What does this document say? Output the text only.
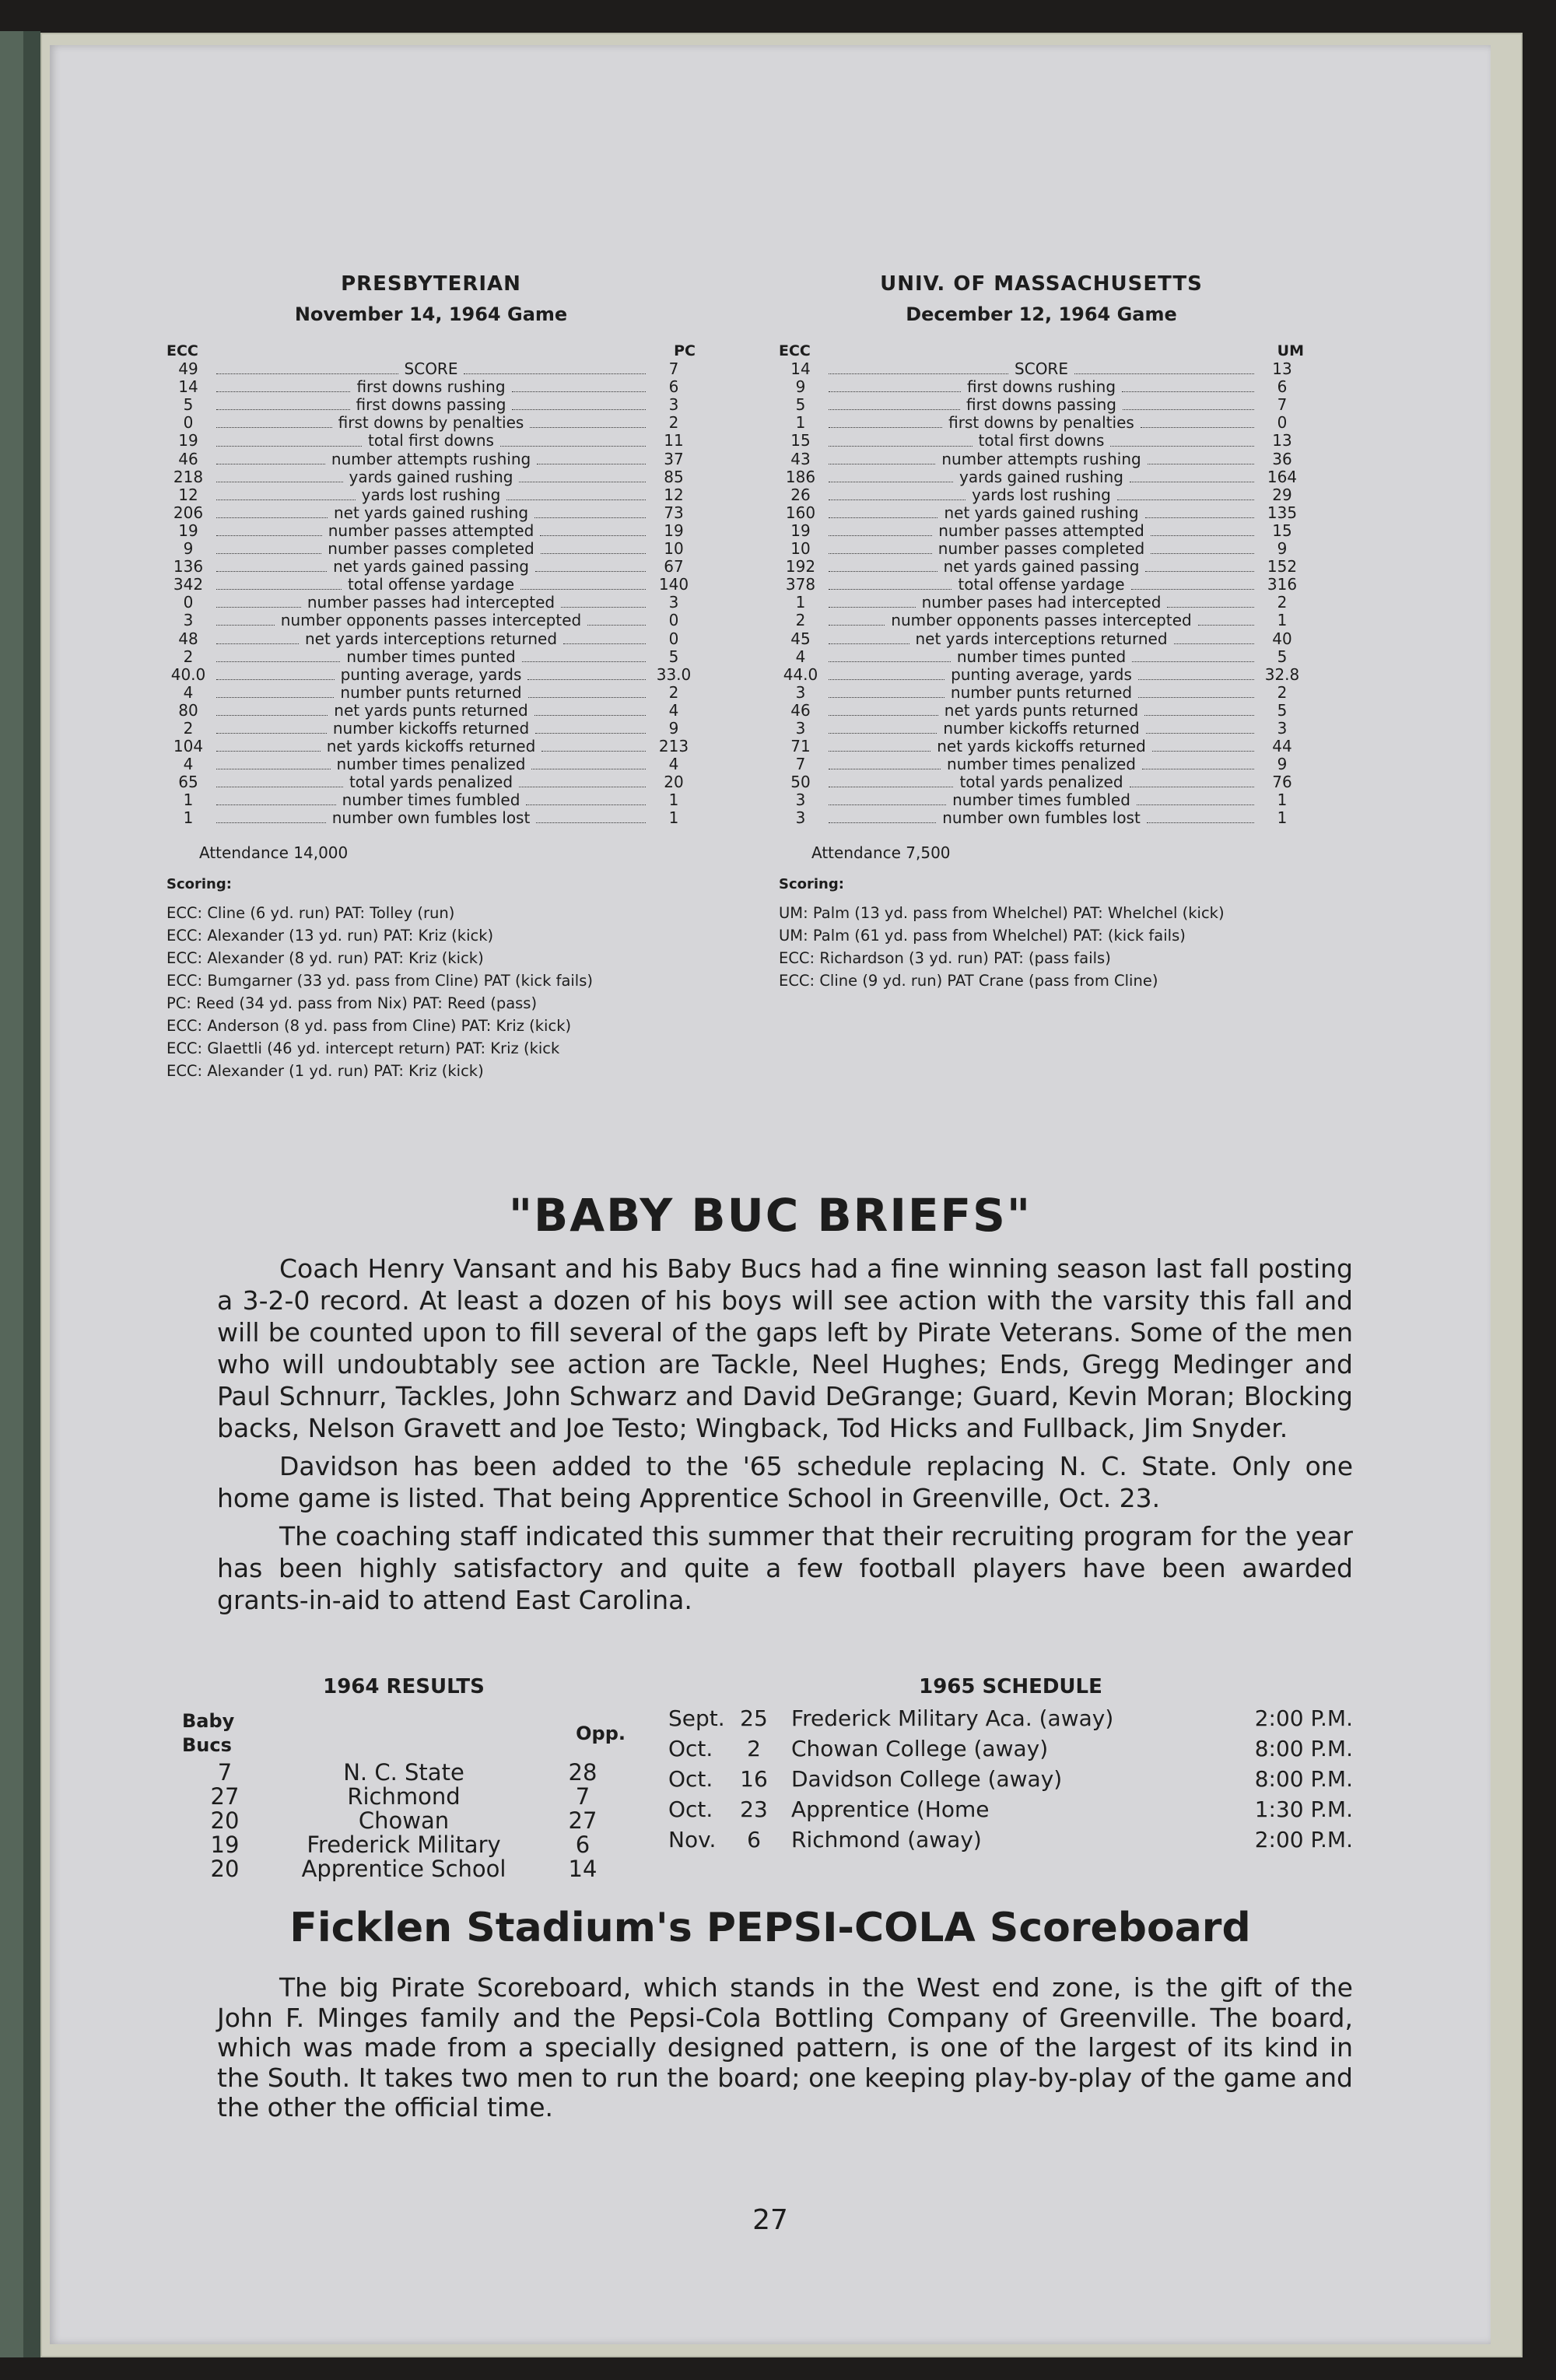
PRESBYTERIAN
November 14, 1964 Game
ECC		PC
49	SCORE	7
14	first downs rushing	6
5	first downs passing	3
0	first downs by penalties	2
19	total first downs	11
46	number attempts rushing	37
218	yards gained rushing	85
12	yards lost rushing	12
206	net yards gained rushing	73
19	number passes attempted	19
9	number passes completed	10
136	net yards gained passing	67
342	total offense yardage	140
0	number passes had intercepted	3
3	number opponents passes intercepted	0
48	net yards interceptions returned	0
2	number times punted	5
40.0	punting average, yards	33.0
4	number punts returned	2
80	net yards punts returned	4
2	number kickoffs returned	9
104	net yards kickoffs returned	213
4	number times penalized	4
65	total yards penalized	20
1	number times fumbled	1
1	number own fumbles lost	1
Attendance 14,000
Scoring:
ECC: Cline (6 yd. run) PAT: Tolley (run)
ECC: Alexander (13 yd. run) PAT: Kriz (kick)
ECC: Alexander (8 yd. run) PAT: Kriz (kick)
ECC: Bumgarner (33 yd. pass from Cline) PAT (kick fails)
PC: Reed (34 yd. pass from Nix) PAT: Reed (pass)
ECC: Anderson (8 yd. pass from Cline) PAT: Kriz (kick)
ECC: Glaettli (46 yd. intercept return) PAT: Kriz (kick
ECC: Alexander (1 yd. run) PAT: Kriz (kick)
UNIV. OF MASSACHUSETTS
December 12, 1964 Game
ECC		UM
14	SCORE	13
9	first downs rushing	6
5	first downs passing	7
1	first downs by penalties	0
15	total first downs	13
43	number attempts rushing	36
186	yards gained rushing	164
26	yards lost rushing	29
160	net yards gained rushing	135
19	number passes attempted	15
10	number passes completed	9
192	net yards gained passing	152
378	total offense yardage	316
1	number pases had intercepted	2
2	number opponents passes intercepted	1
45	net yards interceptions returned	40
4	number times punted	5
44.0	punting average, yards	32.8
3	number punts returned	2
46	net yards punts returned	5
3	number kickoffs returned	3
71	net yards kickoffs returned	44
7	number times penalized	9
50	total yards penalized	76
3	number times fumbled	1
3	number own fumbles lost	1
Attendance 7,500
Scoring:
UM: Palm (13 yd. pass from Whelchel) PAT: Whelchel (kick)
UM: Palm (61 yd. pass from Whelchel) PAT: (kick fails)
ECC: Richardson (3 yd. run) PAT: (pass fails)
ECC: Cline (9 yd. run) PAT Crane (pass from Cline)
"BABY BUC BRIEFS"

Coach Henry Vansant and his Baby Bucs had a fine winning season last fall posting a 3-2-0 record. At least a dozen of his boys will see action with the varsity this fall and will be counted upon to fill several of the gaps left by Pirate Veterans. Some of the men who will undoubtably see action are Tackle, Neel Hughes; Ends, Gregg Medinger and Paul Schnurr, Tackles, John Schwarz and David DeGrange; Guard, Kevin Moran; Blocking backs, Nelson Gravett and Joe Testo; Wingback, Tod Hicks and Fullback, Jim Snyder.

Davidson has been added to the '65 schedule replacing N. C. State. Only one home game is listed. That being Apprentice School in Greenville, Oct. 23.

The coaching staff indicated this summer that their recruiting program for the year has been highly satisfactory and quite a few football players have been awarded grants-in-aid to attend East Carolina.

1964 RESULTS
Baby Bucs		Opp.
7	N. C. State	28
27	Richmond	7
20	Chowan	27
19	Frederick Military	6
20	Apprentice School	14
1965 SCHEDULE
Sept.	25	Frederick Military Aca. (away)	2:00 P.M.
Oct.	2	Chowan College (away)	8:00 P.M.
Oct.	16	Davidson College (away)	8:00 P.M.
Oct.	23	Apprentice (Home	1:30 P.M.
Nov.	6	Richmond (away)	2:00 P.M.
Ficklen Stadium's PEPSI-COLA Scoreboard

The big Pirate Scoreboard, which stands in the West end zone, is the gift of the John F. Minges family and the Pepsi-Cola Bottling Company of Greenville. The board, which was made from a specially designed pattern, is one of the largest of its kind in the South. It takes two men to run the board; one keeping play-by-play of the game and the other the official time.

27
